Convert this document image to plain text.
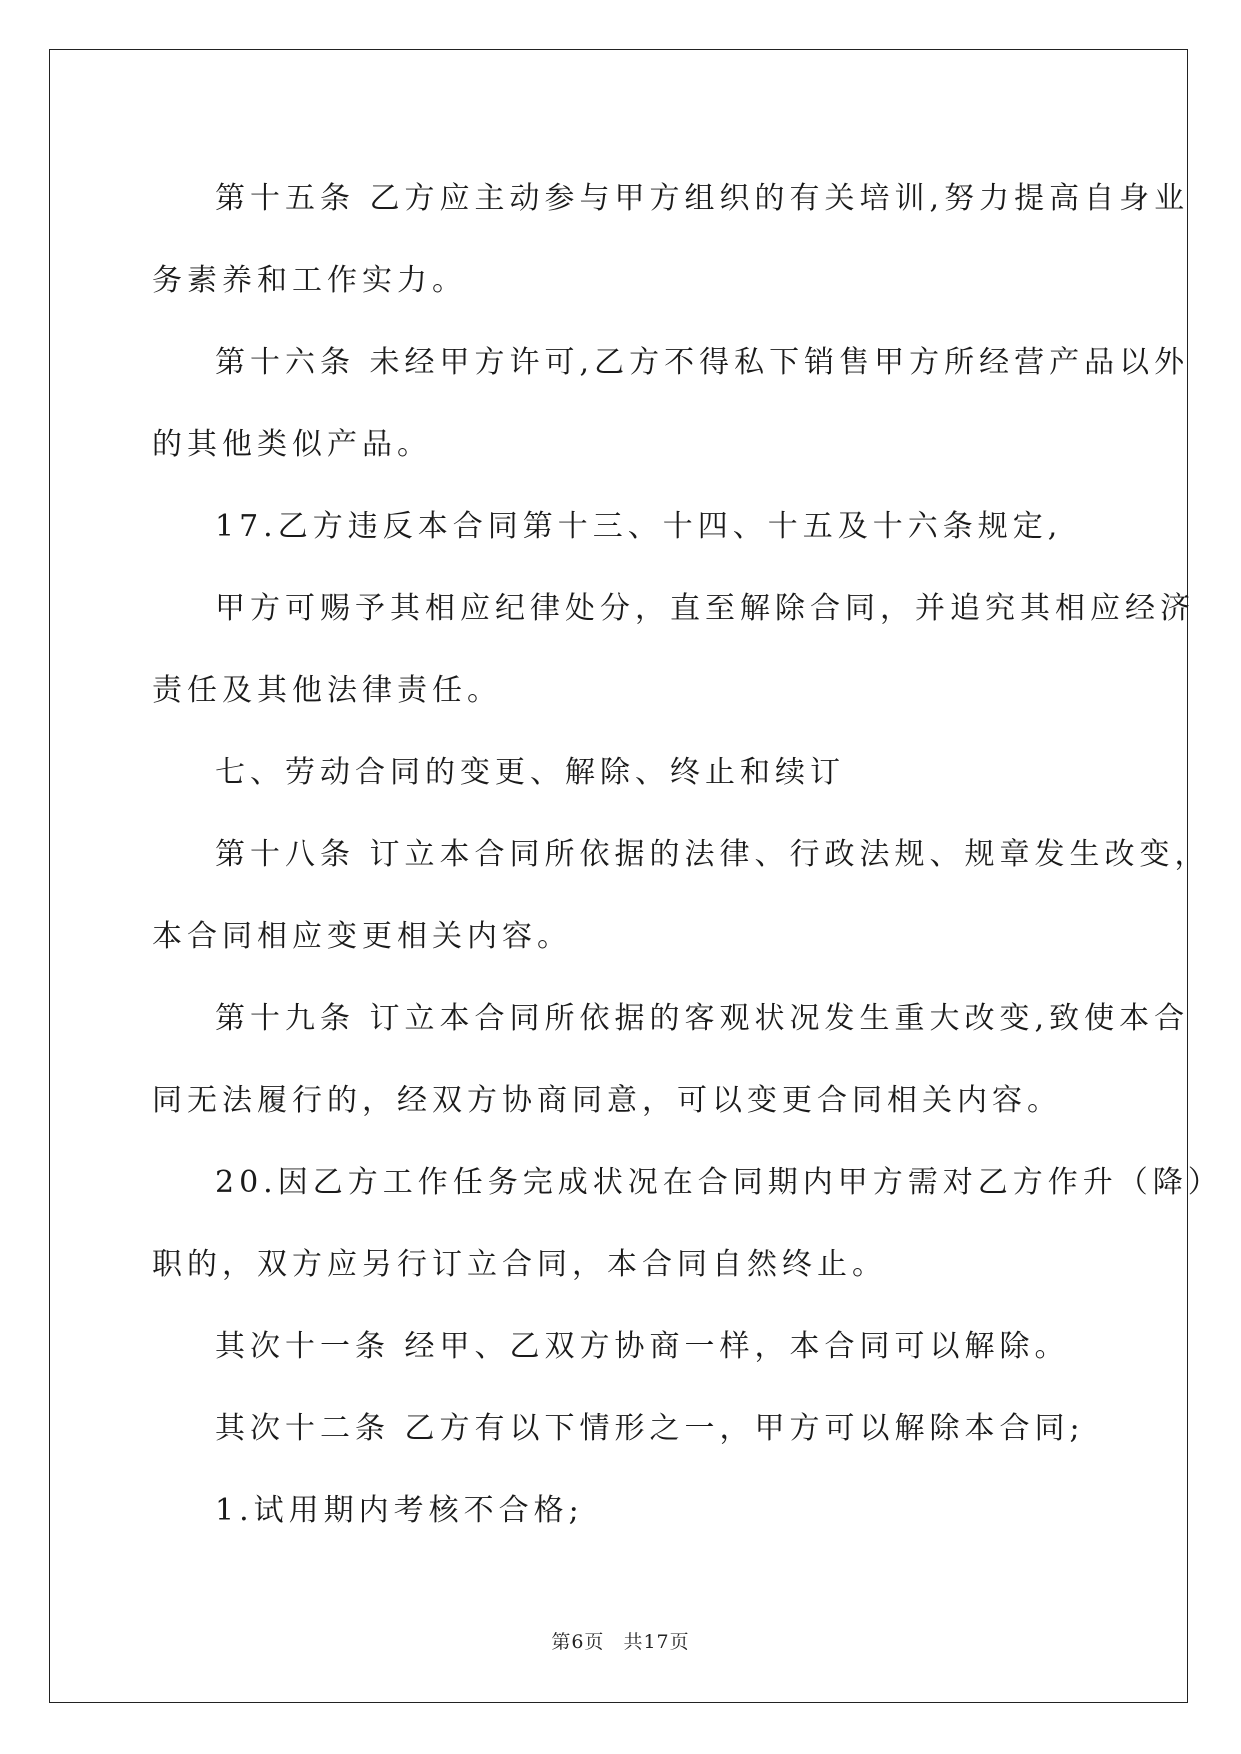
第十五条 乙方应主动参与甲方组织的有关培训,努力提高自身业
务素养和工作实力。

第十六条 未经甲方许可,乙方不得私下销售甲方所经营产品以外
的其他类似产品。

17.乙方违反本合同第十三、十四、十五及十六条规定,

甲方可赐予其相应纪律处分，直至解除合同，并追究其相应经济
责任及其他法律责任。

七、劳动合同的变更、解除、终止和续订

第十八条 订立本合同所依据的法律、行政法规、规章发生改变，
本合同相应变更相关内容。

第十九条 订立本合同所依据的客观状况发生重大改变,致使本合
同无法履行的，经双方协商同意，可以变更合同相关内容。

20.因乙方工作任务完成状况在合同期内甲方需对乙方作升（降）
职的，双方应另行订立合同，本合同自然终止。

其次十一条 经甲、乙双方协商一样，本合同可以解除。

其次十二条 乙方有以下情形之一，甲方可以解除本合同;

1.试用期内考核不合格;

第6页 共17页
